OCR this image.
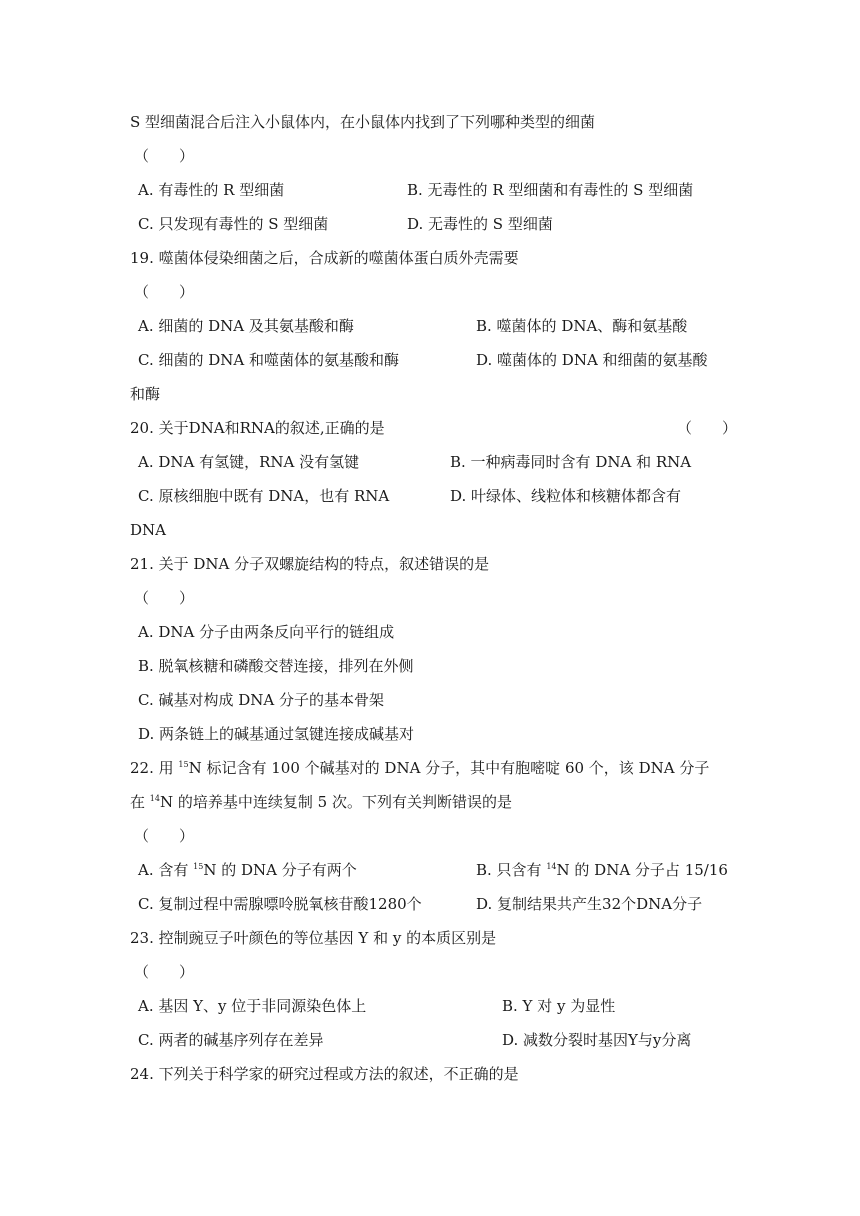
S 型细菌混合后注入小鼠体内，在小鼠体内找到了下列哪种类型的细菌
（　　）
A. 有毒性的 R 型细菌	B. 无毒性的 R 型细菌和有毒性的 S 型细菌
C. 只发现有毒性的 S 型细菌	D. 无毒性的 S 型细菌
19. 噬菌体侵染细菌之后，合成新的噬菌体蛋白质外壳需要
（　　）
A. 细菌的 DNA 及其氨基酸和酶	B. 噬菌体的 DNA、酶和氨基酸
C. 细菌的 DNA 和噬菌体的氨基酸和酶	D. 噬菌体的 DNA 和细菌的氨基酸
和酶
20. 关于DNA和RNA的叙述,正确的是	（　　）
A. DNA 有氢键，RNA 没有氢键	B. 一种病毒同时含有 DNA 和 RNA
C. 原核细胞中既有 DNA，也有 RNA	D. 叶绿体、线粒体和核糖体都含有
DNA
21. 关于 DNA 分子双螺旋结构的特点，叙述错误的是
（　　）
A. DNA 分子由两条反向平行的链组成
B. 脱氧核糖和磷酸交替连接，排列在外侧
C. 碱基对构成 DNA 分子的基本骨架
D. 两条链上的碱基通过氢键连接成碱基对
22. 用 $^{15}$N 标记含有 100 个碱基对的 DNA 分子，其中有胞嘧啶 60 个，该 DNA 分子
在 $^{14}$N 的培养基中连续复制 5 次。下列有关判断错误的是
（　　）
A. 含有 $^{15}$N 的 DNA 分子有两个	B. 只含有 $^{14}$N 的 DNA 分子占 15/16
C. 复制过程中需腺嘌呤脱氧核苷酸1280个	D. 复制结果共产生32个DNA分子
23. 控制豌豆子叶颜色的等位基因 Y 和 y 的本质区别是
（　　）
A. 基因 Y、y 位于非同源染色体上	B. Y 对 y 为显性
C. 两者的碱基序列存在差异	D. 减数分裂时基因Y与y分离
24. 下列关于科学家的研究过程或方法的叙述，不正确的是
